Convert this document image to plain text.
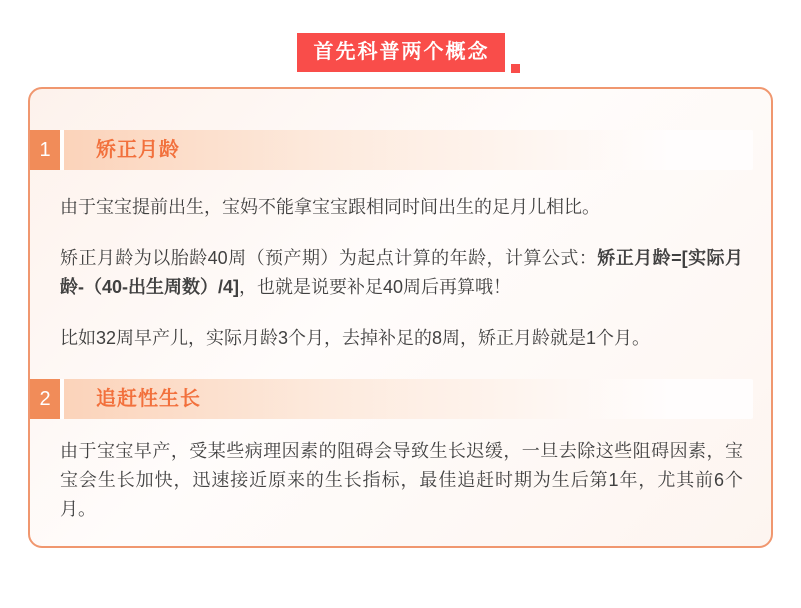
首先科普两个概念
1	矫正月龄

由于宝宝提前出生，宝妈不能拿宝宝跟相同时间出生的足月儿相比。

矫正月龄为以胎龄40周（预产期）为起点计算的年龄，计算公式：矫正月龄=[实际月龄-（40-出生周数）/4]，也就是说要补足40周后再算哦！

比如32周早产儿，实际月龄3个月，去掉补足的8周，矫正月龄就是1个月。

2	追赶性生长

由于宝宝早产，受某些病理因素的阻碍会导致生长迟缓，一旦去除这些阻碍因素，宝宝会生长加快，迅速接近原来的生长指标，最佳追赶时期为生后第1年，尤其前6个月。
